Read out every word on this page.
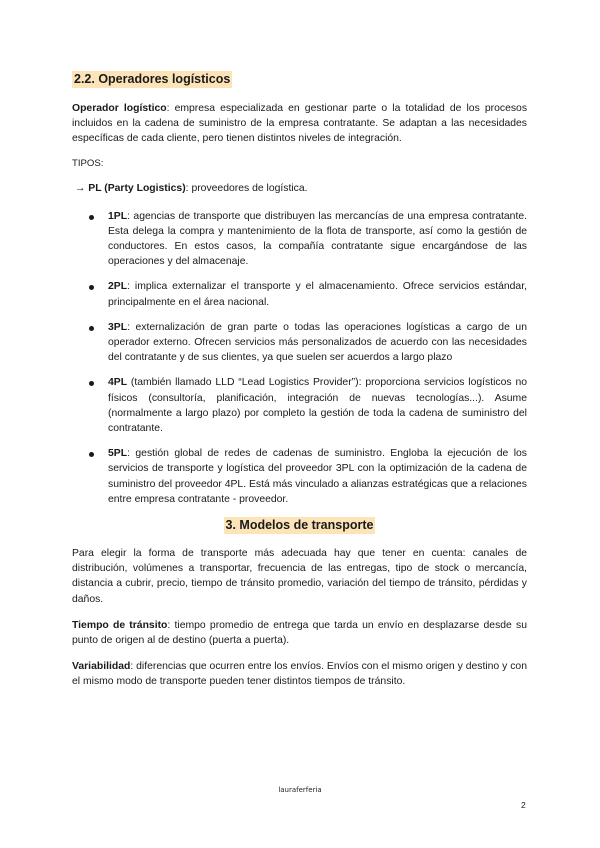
2.2. Operadores logísticos

Operador logístico: empresa especializada en gestionar parte o la totalidad de los procesos incluidos en la cadena de suministro de la empresa contratante. Se adaptan a las necesidades específicas de cada cliente, pero tienen distintos niveles de integración.

TIPOS:
→ PL (Party Logistics): proveedores de logística.
1PL: agencias de transporte que distribuyen las mercancías de una empresa contratante. Esta delega la compra y mantenimiento de la flota de transporte, así como la gestión de conductores. En estos casos, la compañía contratante sigue encargándose de las operaciones y del almacenaje.
2PL: implica externalizar el transporte y el almacenamiento. Ofrece servicios estándar, principalmente en el área nacional.
3PL: externalización de gran parte o todas las operaciones logísticas a cargo de un operador externo. Ofrecen servicios más personalizados de acuerdo con las necesidades del contratante y de sus clientes, ya que suelen ser acuerdos a largo plazo
4PL (también llamado LLD “Lead Logistics Provider”): proporciona servicios logísticos no físicos (consultoría, planificación, integración de nuevas tecnologías...). Asume (normalmente a largo plazo) por completo la gestión de toda la cadena de suministro del contratante.
5PL: gestión global de redes de cadenas de suministro. Engloba la ejecución de los servicios de transporte y logística del proveedor 3PL con la optimización de la cadena de suministro del proveedor 4PL. Está más vinculado a alianzas estratégicas que a relaciones entre empresa contratante - proveedor.
3. Modelos de transporte

Para elegir la forma de transporte más adecuada hay que tener en cuenta: canales de distribución, volúmenes a transportar, frecuencia de las entregas, tipo de stock o mercancía, distancia a cubrir, precio, tiempo de tránsito promedio, variación del tiempo de tránsito, pérdidas y daños.

Tiempo de tránsito: tiempo promedio de entrega que tarda un envío en desplazarse desde su punto de origen al de destino (puerta a puerta).

Variabilidad: diferencias que ocurren entre los envíos. Envíos con el mismo origen y destino y con el mismo modo de transporte pueden tener distintos tiempos de tránsito.

lauraferferia
2
